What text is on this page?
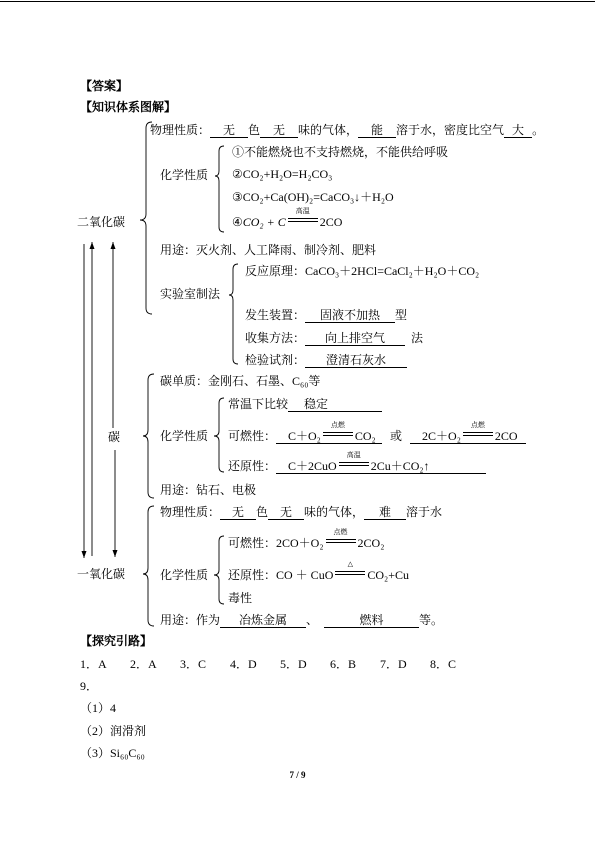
【答案】
【知识体系图解】
二氧化碳
碳
一氧化碳
物理性质：	无	色	无	味的气体，	能	溶于水，密度比空气 大 。
化学性质
①不能燃烧也不支持燃烧，不能供给呼吸
②CO₂+H₂O=H₂CO₃
③CO₂+Ca(OH)₂=CaCO₃↓＋H₂O
④ CO₂ + C
高温
2CO
用途：灭火剂、人工降雨、制冷剂、肥料
实验室制法
反应原理：CaCO₃＋2HCl=CaCl₂＋H₂O＋CO₂
发生装置：	固液不加热	型
收集方法：	向上排空气	法
检验试剂：	澄清石灰水
碳单质：金刚石、石墨、C₆₀等
化学性质
常温下比较	稳定
可燃性： C＋O₂
点燃
CO₂ 或 2C＋O₂
点燃
2CO
还原性： C＋2CuO
高温
2Cu＋CO₂↑
用途：钻石、电极
物理性质： 无	色 无	味的气体，	难	溶于水
化学性质
可燃性： 2CO＋O₂
点燃
2CO₂
还原性： CO ＋ CuO
△
CO₂+Cu
毒性
用途：作为	冶炼金属	、	燃料	等。
【探究引路】
1．A	2．A	3．C	4．D	5．D	6．B	7．D	8．C
9．
（1）4
（2）润滑剂
（3）Si₆₀C₆₀
7 / 9
